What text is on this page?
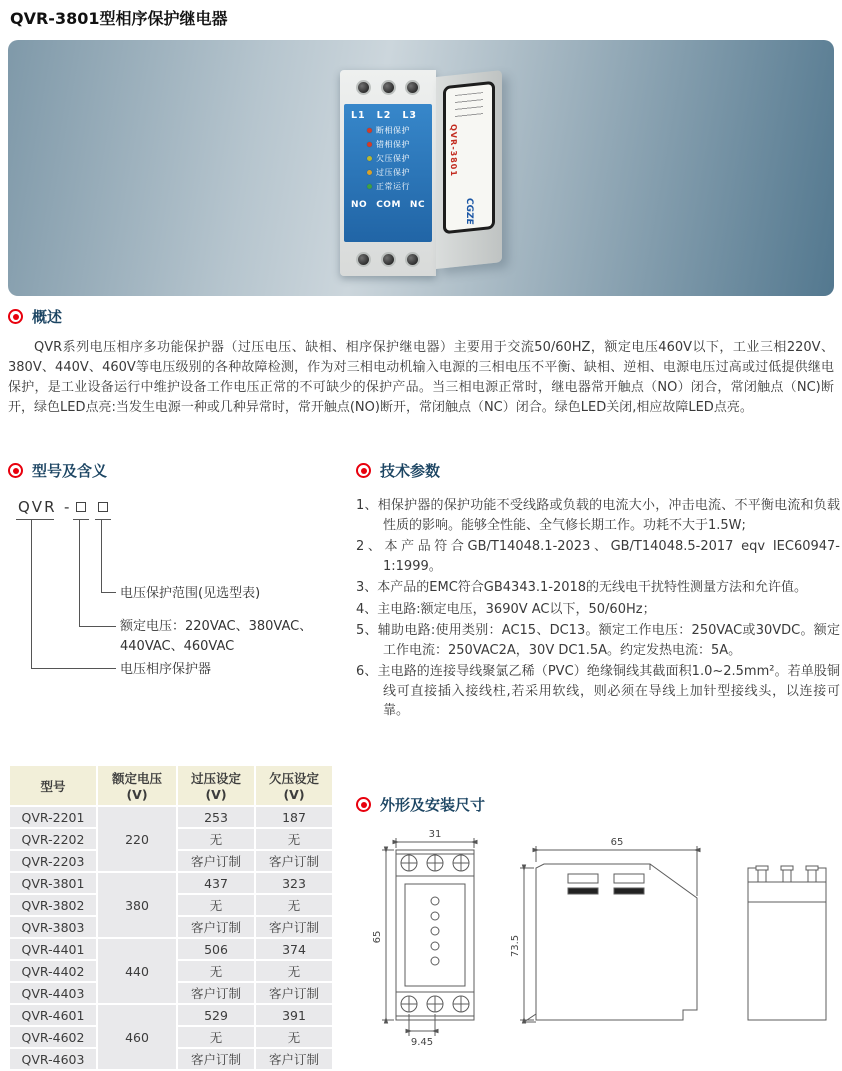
QVR-3801型相序保护继电器
L1 L2 L3
断相保护
错相保护
欠压保护
过压保护
正常运行
NO COM NC
QVR-3801
CGZE
概述

QVR系列电压相序多功能保护器（过压电压、缺相、相序保护继电器）主要用于交流50/60HZ，额定电压460V以下，工业三相220V、380V、440V、460V等电压级别的各种故障检测，作为对三相电动机输入电源的三相电压不平衡、缺相、逆相、电源电压过高或过低提供继电保护，是工业设备运行中维护设备工作电压正常的不可缺少的保护产品。当三相电源正常时，继电器常开触点（NO）闭合，常闭触点（NC)断开，绿色LED点亮:当发生电源一种或几种异常时，常开触点(NO)断开，常闭触点（NC）闭合。绿色LED关闭,相应故障LED点亮。

型号及含义
QVR -
电压保护范围(见选型表)
额定电压：220VAC、380VAC、440VAC、460VAC
电压相序保护器
技术参数
1、相保护器的保护功能不受线路或负载的电流大小，冲击电流、不平衡电流和负载性质的影响。能够全性能、全气修长期工作。功耗不大于1.5W;
2、本产品符合GB/T14048.1-2023、GB/T14048.5-2017 eqv IEC60947-1:1999。
3、本产品的EMC符合GB4343.1-2018的无线电干扰特性测量方法和允许值。
4、主电路:额定电压，3690V AC以下，50/60Hz；
5、辅助电路:使用类别：AC15、DC13。额定工作电压：250VAC或30VDC。额定工作电流：250VAC2A，30V DC1.5A。约定发热电流：5A。
6、主电路的连接导线聚氯乙稀（PVC）绝缘铜线其截面积1.0~2.5mm²。若单股铜线可直接插入接线柱,若采用软线，则必须在导线上加针型接线头，以连接可靠。
型号	额定电压(V)	过压设定(V)	欠压设定(V)
QVR-2201	220	253	187
QVR-2202		无	无
QVR-2203		客户订制	客户订制
QVR-3801	380	437	323
QVR-3802		无	无
QVR-3803		客户订制	客户订制
QVR-4401	440	506	374
QVR-4402		无	无
QVR-4403		客户订制	客户订制
QVR-4601	460	529	391
QVR-4602		无	无
QVR-4603		客户订制	客户订制
外形及安装尺寸
31
65
9.45
65
73.5
